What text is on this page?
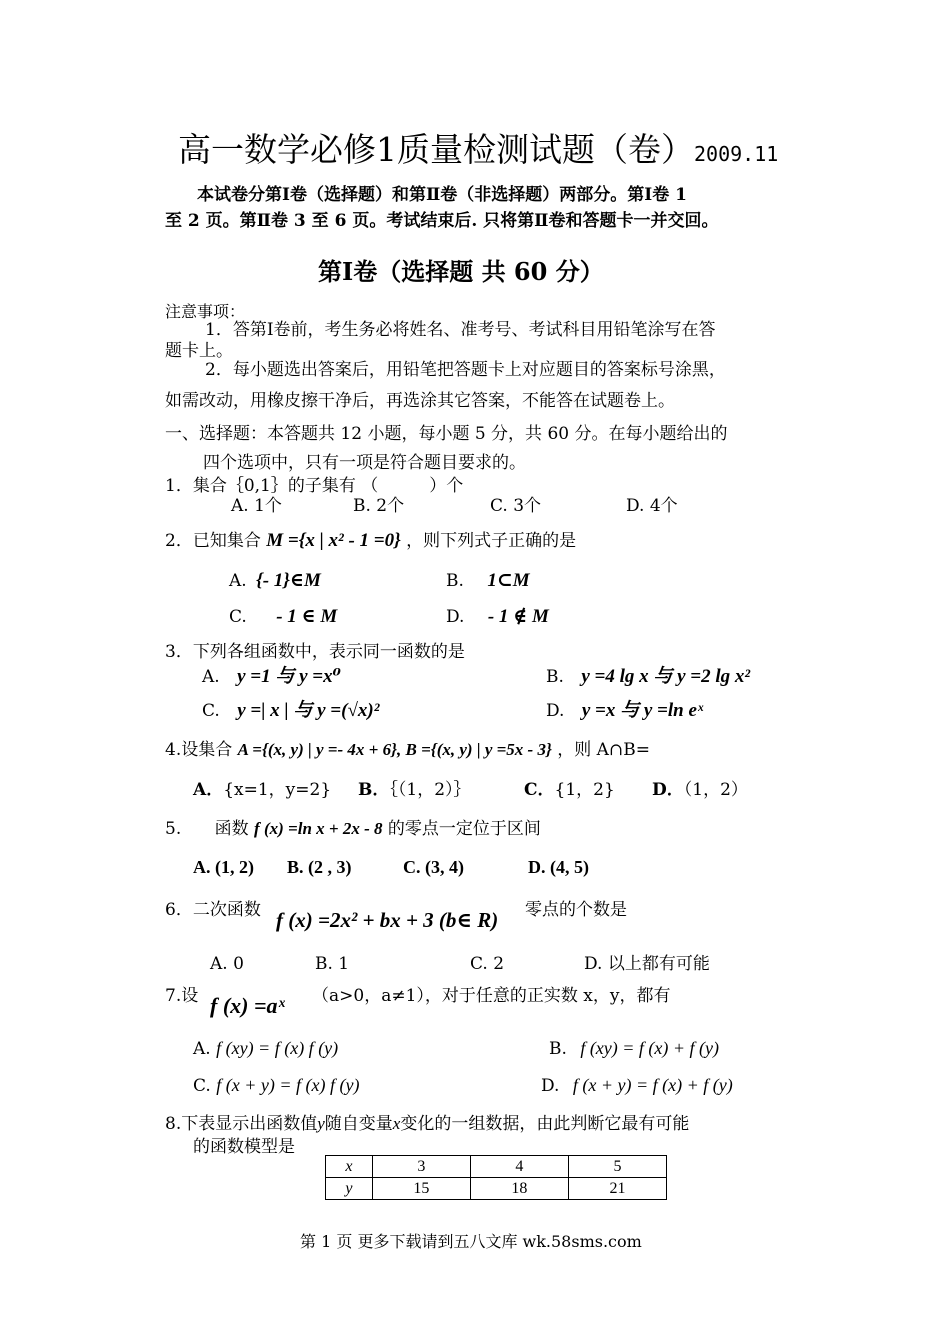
高一数学必修1质量检测试题（卷）2009.11
本试卷分第Ⅰ卷（选择题）和第Ⅱ卷（非选择题）两部分。第Ⅰ卷 1
至 2 页。第Ⅱ卷 3 至 6 页。考试结束后. 只将第Ⅱ卷和答题卡一并交回。
第Ⅰ卷（选择题 共 60 分）
注意事项：
1．答第Ⅰ卷前，考生务必将姓名、准考号、考试科目用铅笔涂写在答
题卡上。
2．每小题选出答案后，用铅笔把答题卡上对应题目的答案标号涂黑，
如需改动，用橡皮擦干净后，再选涂其它答案，不能答在试题卷上。
一、选择题：本答题共 12 小题，每小题 5 分，共 60 分。在每小题给出的
四个选项中，只有一项是符合题目要求的。
1．集合｛0,1｝的子集有 （　　　）个
A. 1个	B. 2个	C. 3个	D. 4个
2．已知集合 M ={x | x² - 1 =0} ，则下列式子正确的是
A. {- 1}∈M	B. 1⊂M
C. - 1 ∈ M	D. - 1 ∉ M
3．下列各组函数中，表示同一函数的是
A. y =1 与 y =x⁰	B. y =4 lg x 与 y =2 lg x²
C. y =| x | 与 y =(√x)²	D. y =x 与 y =ln eˣ
4.设集合 A ={(x, y) | y =- 4x + 6}, B ={(x, y) | y =5x - 3} ，则 A∩B=
A．{x=1，y=2} B．｛（1，2）｝	C．{1，2} D．（1，2）
5. 函数 f (x) =ln x + 2x - 8 的零点一定位于区间
A. (1, 2) B. (2 , 3)	C. (3, 4)	D. (4, 5)
6．二次函数 f (x) =2x² + bx + 3 (b∈ R) 零点的个数是
A. 0	B. 1	C. 2	D. 以上都有可能
7.设 f (x) =aˣ （a>0，a≠1），对于任意的正实数 x，y，都有
A. f (xy) = f (x) f (y)	B. f (xy) = f (x) + f (y)
C. f (x + y) = f (x) f (y)	D. f (x + y) = f (x) + f (y)
8.下表显示出函数值y随自变量x变化的一组数据，由此判断它最有可能
的函数模型是
x	3	4	5
y	15	18	21
第 1 页 更多下载请到五八文库 wk.58sms.com
